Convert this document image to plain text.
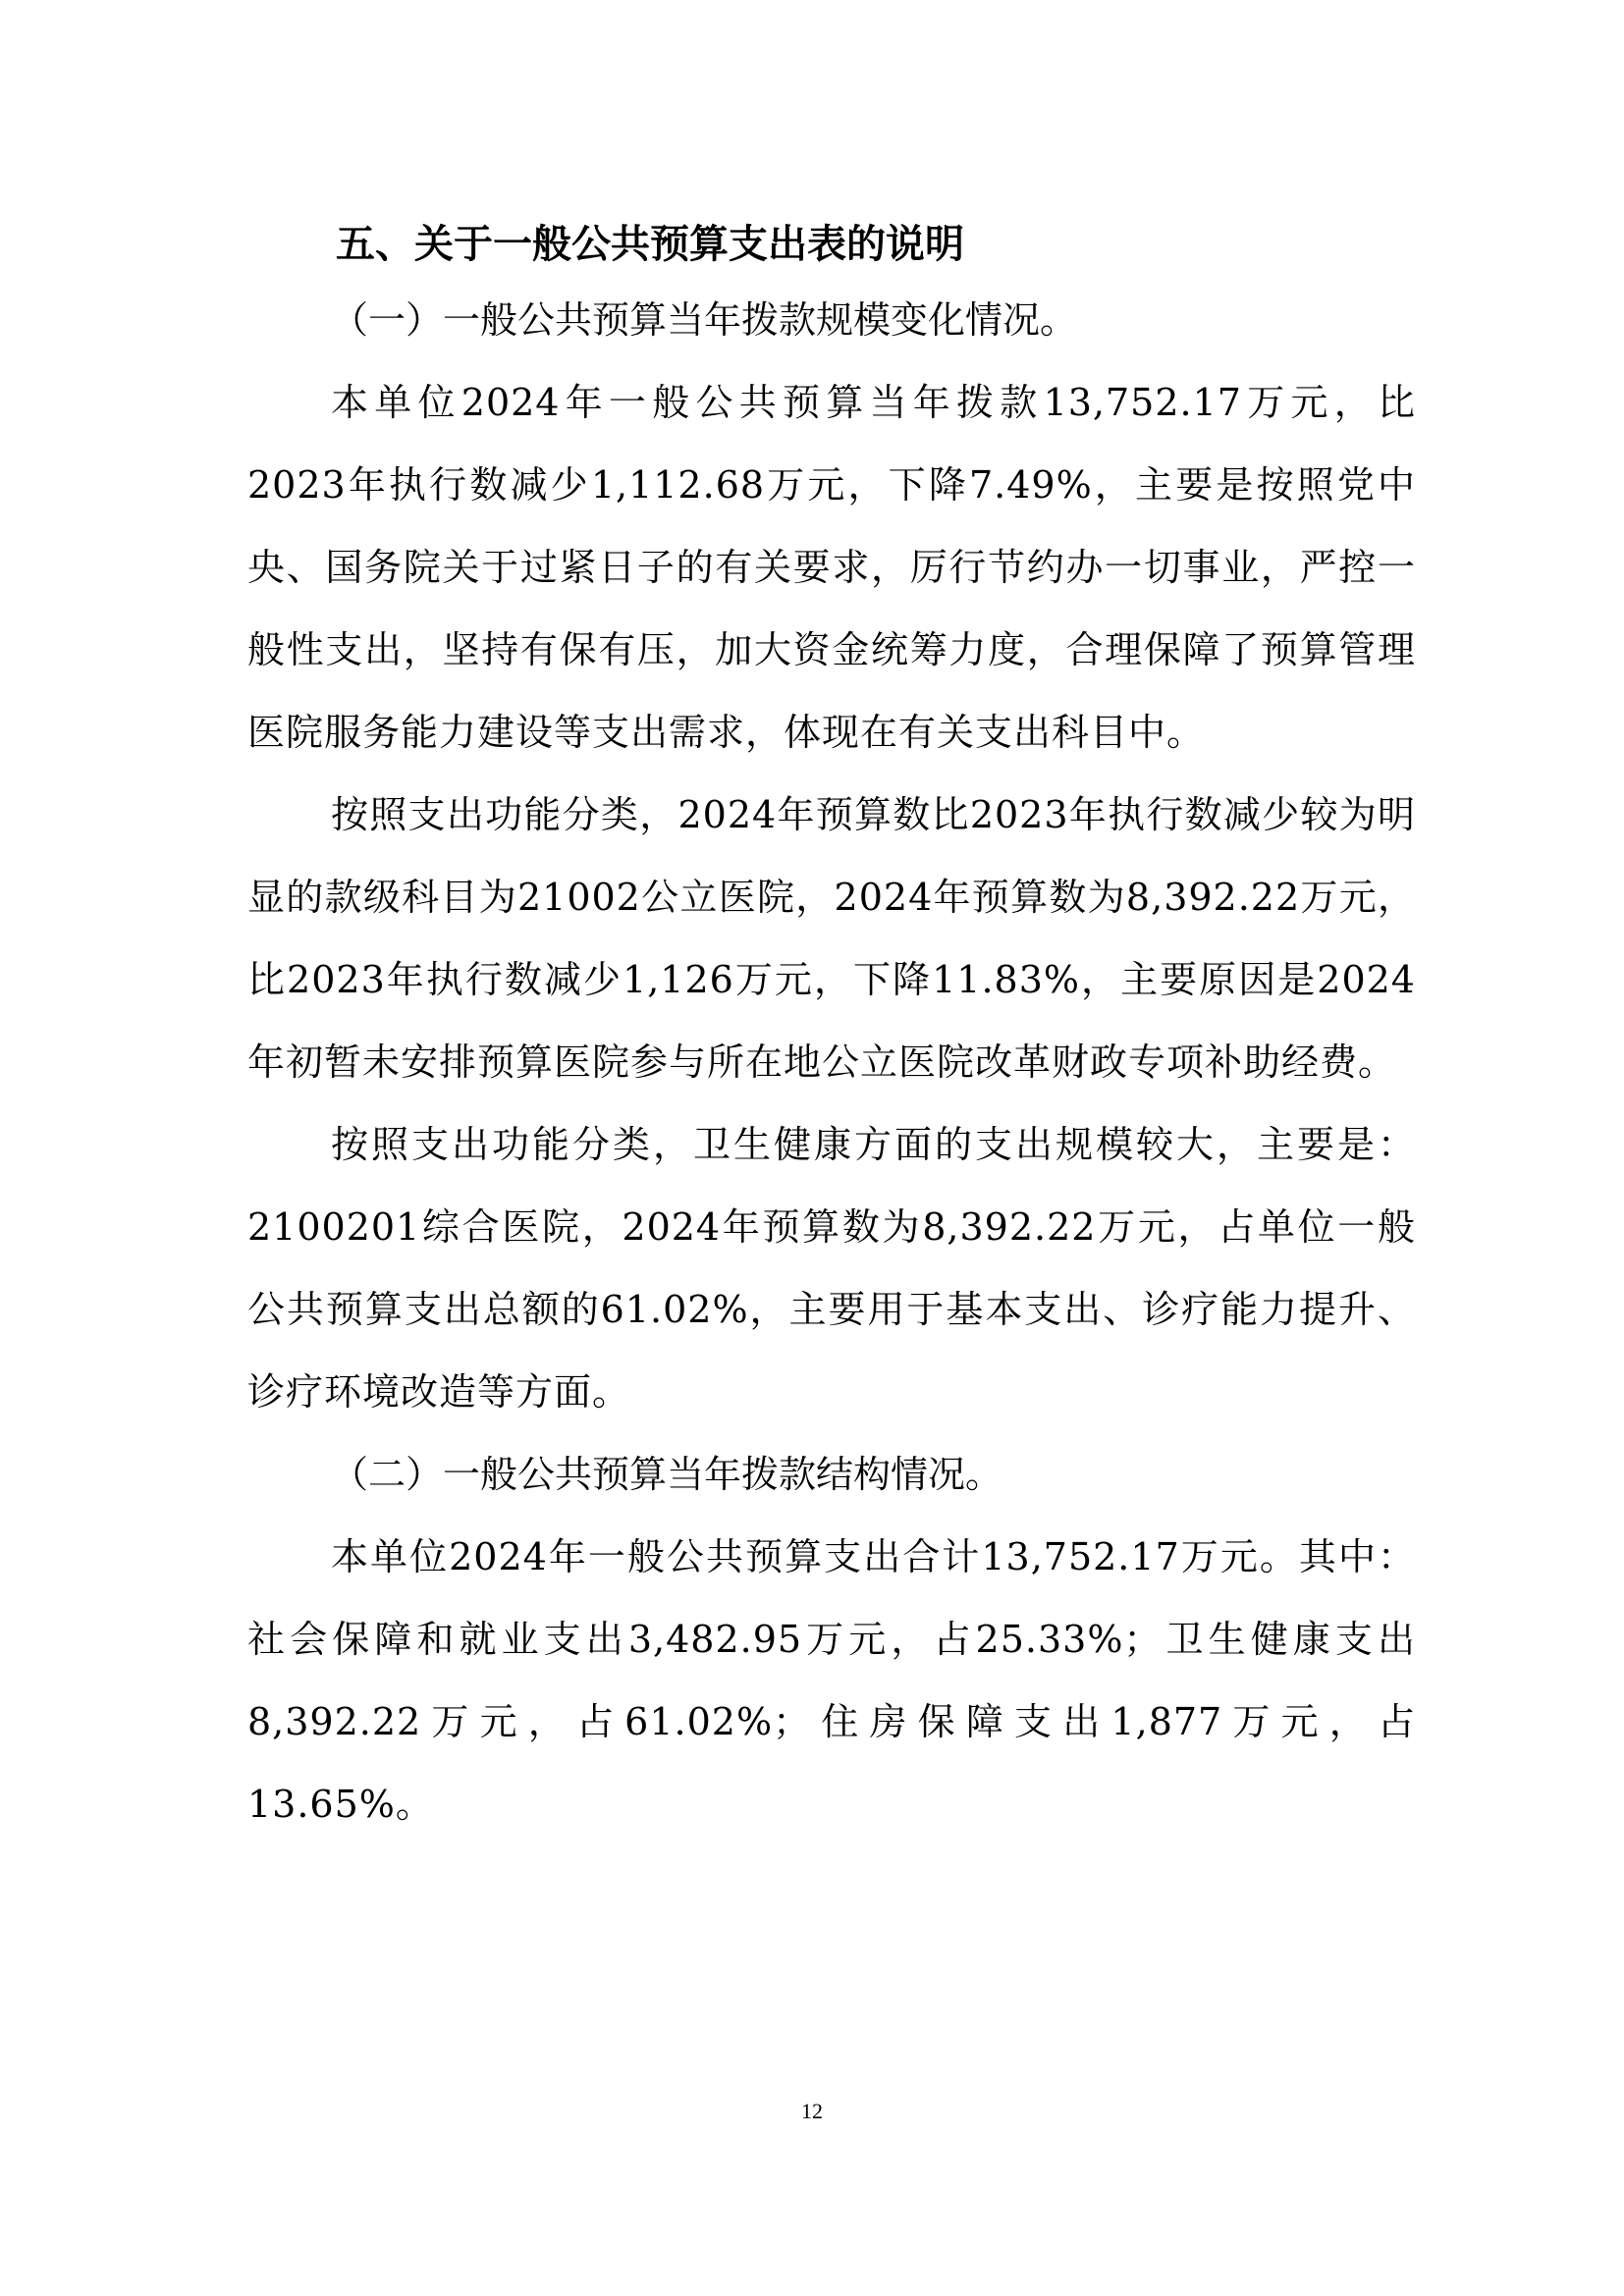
五、关于一般公共预算支出表的说明

（一）一般公共预算当年拨款规模变化情况。

本单位2024年一般公共预算当年拨款13,752.17万元，比2023年执行数减少1,112.68万元，下降7.49%，主要是按照党中央、国务院关于过紧日子的有关要求，厉行节约办一切事业，严控一般性支出，坚持有保有压，加大资金统筹力度，合理保障了预算管理医院服务能力建设等支出需求，体现在有关支出科目中。

按照支出功能分类，2024年预算数比2023年执行数减少较为明显的款级科目为21002公立医院，2024年预算数为8,392.22万元，比2023年执行数减少1,126万元，下降11.83%，主要原因是2024年初暂未安排预算医院参与所在地公立医院改革财政专项补助经费。

按照支出功能分类，卫生健康方面的支出规模较大，主要是：2100201综合医院，2024年预算数为8,392.22万元，占单位一般公共预算支出总额的61.02%，主要用于基本支出、诊疗能力提升、诊疗环境改造等方面。

（二）一般公共预算当年拨款结构情况。

本单位2024年一般公共预算支出合计13,752.17万元。其中：社会保障和就业支出3,482.95万元，占25.33%；卫生健康支出8,392.22万元，占61.02%；住房保障支出1,877万元，占13.65%。

12
